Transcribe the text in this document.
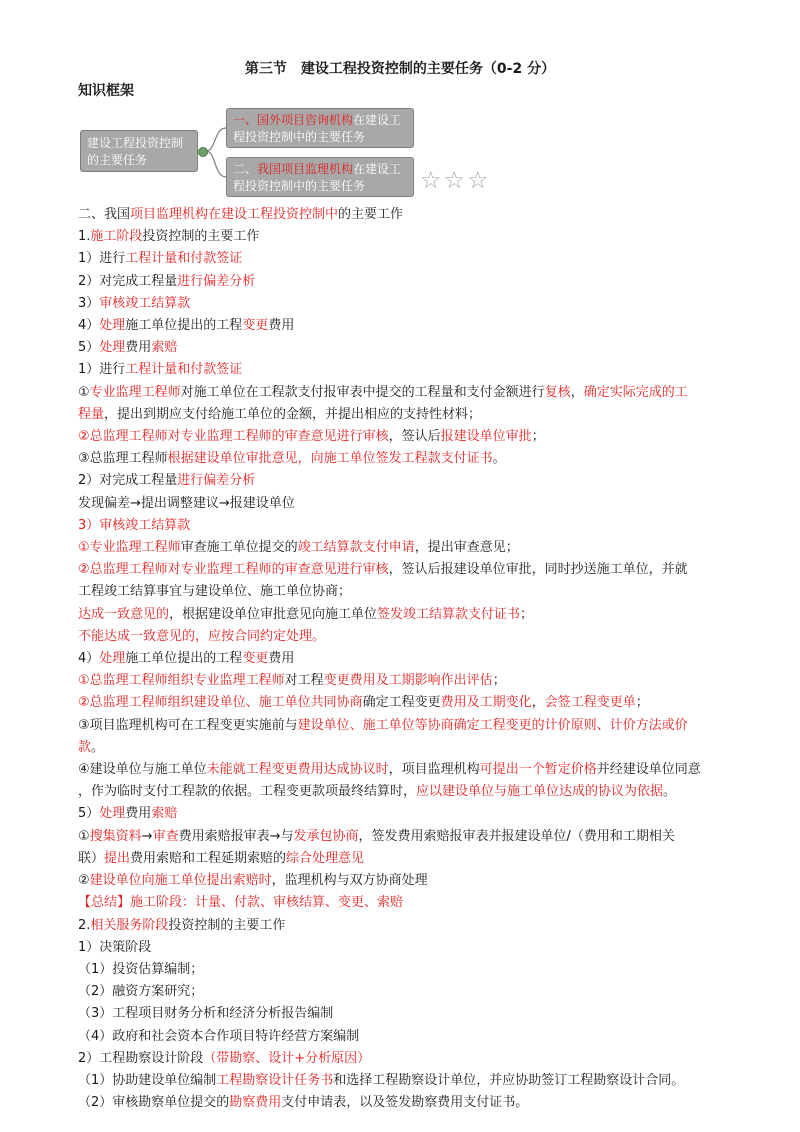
第三节　建设工程投资控制的主要任务（0-2 分）
知识框架
建设工程投资控制的主要任务
一、国外项目咨询机构在建设工程投资控制中的主要任务
二、我国项目监理机构在建设工程投资控制中的主要任务	☆☆☆

二、我国项目监理机构在建设工程投资控制中的主要工作

1.施工阶段投资控制的主要工作

1）进行工程计量和付款签证

2）对完成工程量进行偏差分析

3）审核竣工结算款

4）处理施工单位提出的工程变更费用

5）处理费用索赔

1）进行工程计量和付款签证

①专业监理工程师对施工单位在工程款支付报审表中提交的工程量和支付金额进行复核，确定实际完成的工

程量，提出到期应支付给施工单位的金额，并提出相应的支持性材料；

②总监理工程师对专业监理工程师的审查意见进行审核，签认后报建设单位审批；

③总监理工程师根据建设单位审批意见，向施工单位签发工程款支付证书。

2）对完成工程量进行偏差分析

发现偏差→提出调整建议→报建设单位

3）审核竣工结算款

①专业监理工程师审查施工单位提交的竣工结算款支付申请，提出审查意见；

②总监理工程师对专业监理工程师的审查意见进行审核，签认后报建设单位审批，同时抄送施工单位，并就

工程竣工结算事宜与建设单位、施工单位协商；

达成一致意见的，根据建设单位审批意见向施工单位签发竣工结算款支付证书；

不能达成一致意见的，应按合同约定处理。

4）处理施工单位提出的工程变更费用

①总监理工程师组织专业监理工程师对工程变更费用及工期影响作出评估；

②总监理工程师组织建设单位、施工单位共同协商确定工程变更费用及工期变化，会签工程变更单；

③项目监理机构可在工程变更实施前与建设单位、施工单位等协商确定工程变更的计价原则、计价方法或价

款。

④建设单位与施工单位未能就工程变更费用达成协议时，项目监理机构可提出一个暂定价格并经建设单位同意

，作为临时支付工程款的依据。工程变更款项最终结算时，应以建设单位与施工单位达成的协议为依据。

5）处理费用索赔

①搜集资料→审查费用索赔报审表→与发承包协商，签发费用索赔报审表并报建设单位/（费用和工期相关

联）提出费用索赔和工程延期索赔的综合处理意见

②建设单位向施工单位提出索赔时，监理机构与双方协商处理

【总结】施工阶段：计量、付款、审核结算、变更、索赔

2.相关服务阶段投资控制的主要工作

1）决策阶段

（1）投资估算编制；

（2）融资方案研究；

（3）工程项目财务分析和经济分析报告编制

（4）政府和社会资本合作项目特许经营方案编制

2）工程勘察设计阶段（带勘察、设计+分析原因）

（1）协助建设单位编制工程勘察设计任务书和选择工程勘察设计单位，并应协助签订工程勘察设计合同。

（2）审核勘察单位提交的勘察费用支付申请表，以及签发勘察费用支付证书。
